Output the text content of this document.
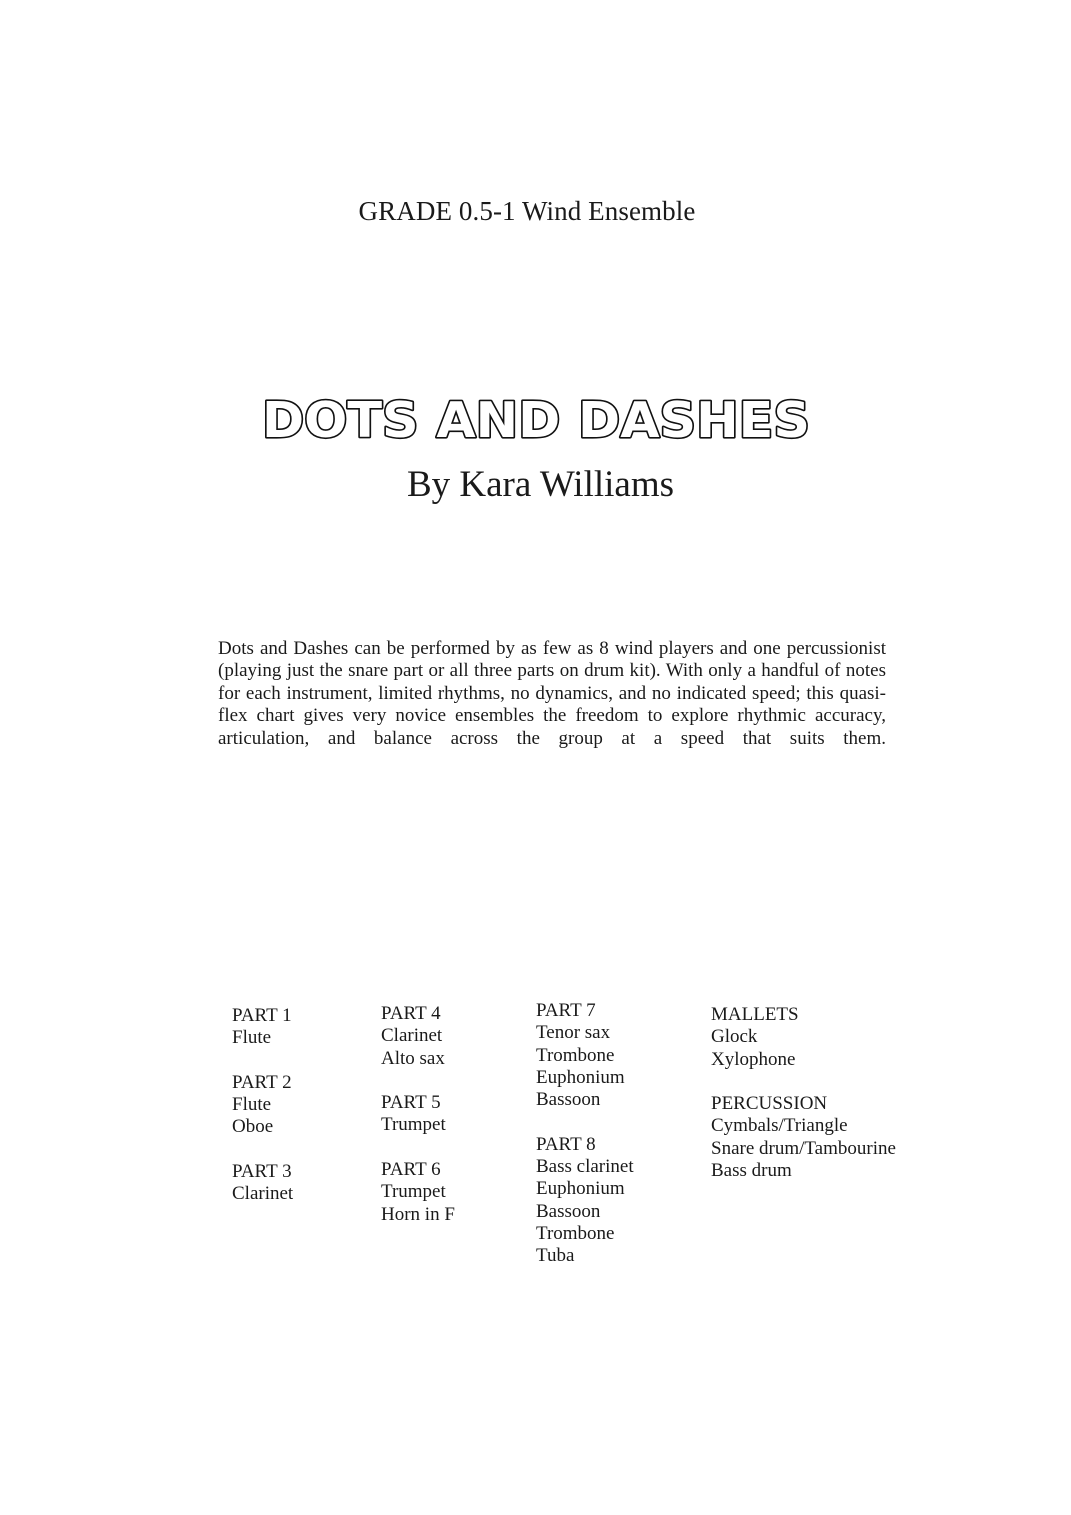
GRADE 0.5-1 Wind Ensemble
DOTS AND DASHES
By Kara Williams
Dots and Dashes can be performed by as few as 8 wind players and one percussionist (playing just the snare part or all three parts on drum kit). With only a handful of notes for each instrument, limited rhythms, no dynamics, and no indicated speed; this quasi-flex chart gives very novice ensembles the freedom to explore rhythmic accuracy, articulation, and balance across the group at a speed that suits them.
PART 1
Flute
PART 2
Flute
Oboe
PART 3
Clarinet
PART 4
Clarinet
Alto sax
PART 5
Trumpet
PART 6
Trumpet
Horn in F
PART 7
Tenor sax
Trombone
Euphonium
Bassoon
PART 8
Bass clarinet
Euphonium
Bassoon
Trombone
Tuba
MALLETS
Glock
Xylophone
PERCUSSION
Cymbals/Triangle
Snare drum/Tambourine
Bass drum
